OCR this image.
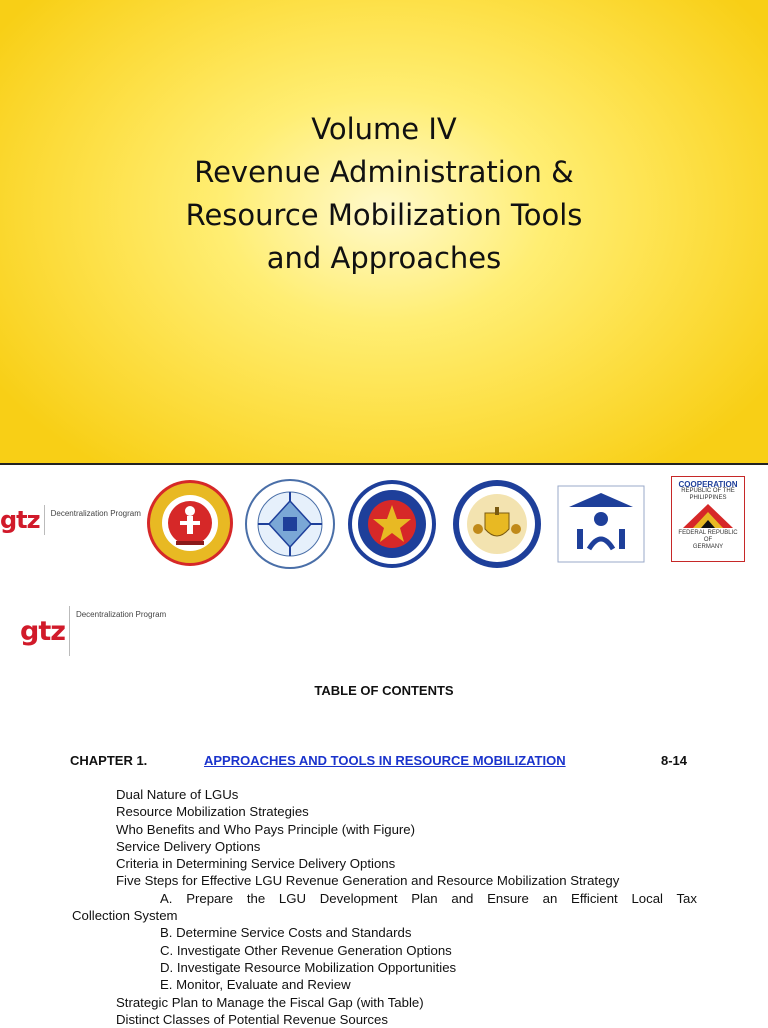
Volume IV
Revenue Administration &
Resource Mobilization Tools
and Approaches
gtz Decentralization Program
COOPERATION
REPUBLIC OF THE
PHILIPPINES
FEDERAL REPUBLIC
OF
GERMANY
gtz
Decentralization Program
TABLE OF CONTENTS
CHAPTER 1.	APPROACHES AND TOOLS IN RESOURCE MOBILIZATION	8-14
Dual Nature of LGUs
Resource Mobilization Strategies
Who Benefits and Who Pays Principle (with Figure)
Service Delivery Options
Criteria in Determining Service Delivery Options
Five Steps for Effective LGU Revenue Generation and Resource Mobilization Strategy
A. Prepare the LGU Development Plan and Ensure an Efficient Local Tax
Collection System
B. Determine Service Costs and Standards
C. Investigate Other Revenue Generation Options
D. Investigate Resource Mobilization Opportunities
E. Monitor, Evaluate and Review
Strategic Plan to Manage the Fiscal Gap (with Table)
Distinct Classes of Potential Revenue Sources
